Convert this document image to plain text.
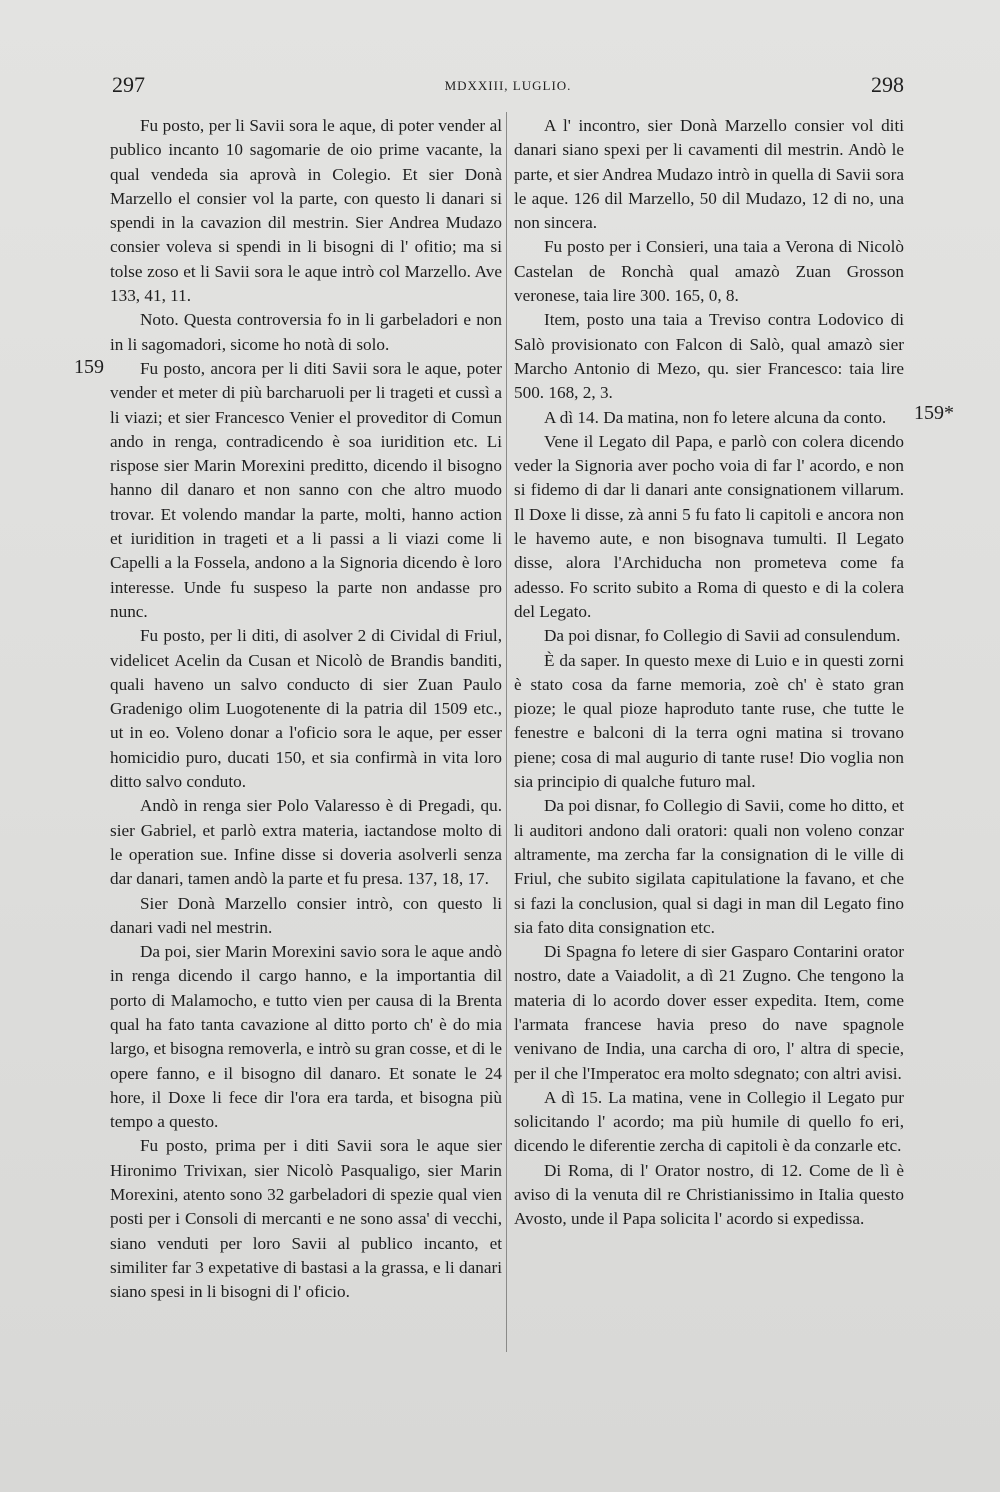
297	MDXXIII, LUGLIO.	298
159
159*

Fu posto, per li Savii sora le aque, di poter vender al publico incanto 10 sagomarie de oio prime vacante, la qual vendeda sia aprovà in Colegio. Et sier Donà Marzello el consier vol la parte, con questo li danari si spendi in la cavazion dil mestrin. Sier Andrea Mudazo consier voleva si spendi in li bisogni di l' ofitio; ma si tolse zoso et li Savii sora le aque intrò col Marzello. Ave 133, 41, 11.

Noto. Questa controversia fo in li garbeladori e non in li sagomadori, sicome ho notà di solo.

Fu posto, ancora per li diti Savii sora le aque, poter vender et meter di più barcharuoli per li trageti et cussì a li viazi; et sier Francesco Venier el proveditor di Comun ando in renga, contradicendo è soa iuridition etc. Li rispose sier Marin Morexini preditto, dicendo il bisogno hanno dil danaro et non sanno con che altro muodo trovar. Et volendo mandar la parte, molti, hanno action et iuridition in trageti et a li passi a li viazi come li Capelli a la Fossela, andono a la Signoria dicendo è loro interesse. Unde fu suspeso la parte non andasse pro nunc.

Fu posto, per li diti, di asolver 2 di Cividal di Friul, videlicet Acelin da Cusan et Nicolò de Brandis banditi, quali haveno un salvo conducto di sier Zuan Paulo Gradenigo olim Luogotenente di la patria dil 1509 etc., ut in eo. Voleno donar a l'oficio sora le aque, per esser homicidio puro, ducati 150, et sia confirmà in vita loro ditto salvo conduto.

Andò in renga sier Polo Valaresso è di Pregadi, qu. sier Gabriel, et parlò extra materia, iactandose molto di le operation sue. Infine disse si doveria asolverli senza dar danari, tamen andò la parte et fu presa. 137, 18, 17.

Sier Donà Marzello consier intrò, con questo li danari vadi nel mestrin.

Da poi, sier Marin Morexini savio sora le aque andò in renga dicendo il cargo hanno, e la importantia dil porto di Malamocho, e tutto vien per causa di la Brenta qual ha fato tanta cavazione al ditto porto ch' è do mia largo, et bisogna removerla, e intrò su gran cosse, et di le opere fanno, e il bisogno dil danaro. Et sonate le 24 hore, il Doxe li fece dir l'ora era tarda, et bisogna più tempo a questo.

Fu posto, prima per i diti Savii sora le aque sier Hironimo Trivixan, sier Nicolò Pasqualigo, sier Marin Morexini, atento sono 32 garbeladori di spezie qual vien posti per i Consoli di mercanti e ne sono assa' di vecchi, siano venduti per loro Savii al publico incanto, et similiter far 3 expetative di bastasi a la grassa, e li danari siano spesi in li bisogni di l' oficio.

A l' incontro, sier Donà Marzello consier vol diti danari siano spexi per li cavamenti dil mestrin. Andò le parte, et sier Andrea Mudazo intrò in quella di Savii sora le aque. 126 dil Marzello, 50 dil Mudazo, 12 di no, una non sincera.

Fu posto per i Consieri, una taia a Verona di Nicolò Castelan de Ronchà qual amazò Zuan Grosson veronese, taia lire 300. 165, 0, 8.

Item, posto una taia a Treviso contra Lodovico di Salò provisionato con Falcon di Salò, qual amazò sier Marcho Antonio di Mezo, qu. sier Francesco: taia lire 500. 168, 2, 3.

A dì 14. Da matina, non fo letere alcuna da conto.

Vene il Legato dil Papa, e parlò con colera dicendo veder la Signoria aver pocho voia di far l' acordo, e non si fidemo di dar li danari ante consignationem villarum. Il Doxe li disse, zà anni 5 fu fato li capitoli e ancora non le havemo aute, e non bisognava tumulti. Il Legato disse, alora l'Archiducha non prometeva come fa adesso. Fo scrito subito a Roma di questo e di la colera del Legato.

Da poi disnar, fo Collegio di Savii ad consulendum.

È da saper. In questo mexe di Luio e in questi zorni è stato cosa da farne memoria, zoè ch' è stato gran pioze; le qual pioze haproduto tante ruse, che tutte le fenestre e balconi di la terra ogni matina si trovano piene; cosa di mal augurio di tante ruse! Dio voglia non sia principio di qualche futuro mal.

Da poi disnar, fo Collegio di Savii, come ho ditto, et li auditori andono dali oratori: quali non voleno conzar altramente, ma zercha far la consignation di le ville di Friul, che subito sigilata capitulatione la favano, et che si fazi la conclusion, qual si dagi in man dil Legato fino sia fato dita consignation etc.

Di Spagna fo letere di sier Gasparo Contarini orator nostro, date a Vaiadolit, a dì 21 Zugno. Che tengono la materia di lo acordo dover esser expedita. Item, come l'armata francese havia preso do nave spagnole venivano de India, una carcha di oro, l' altra di specie, per il che l'Imperatoc era molto sdegnato; con altri avisi.

A dì 15. La matina, vene in Collegio il Legato pur solicitando l' acordo; ma più humile di quello fo eri, dicendo le diferentie zercha di capitoli è da conzarle etc.

Di Roma, di l' Orator nostro, di 12. Come de lì è aviso di la venuta dil re Christianissimo in Italia questo Avosto, unde il Papa solicita l' acordo si expedissa.
